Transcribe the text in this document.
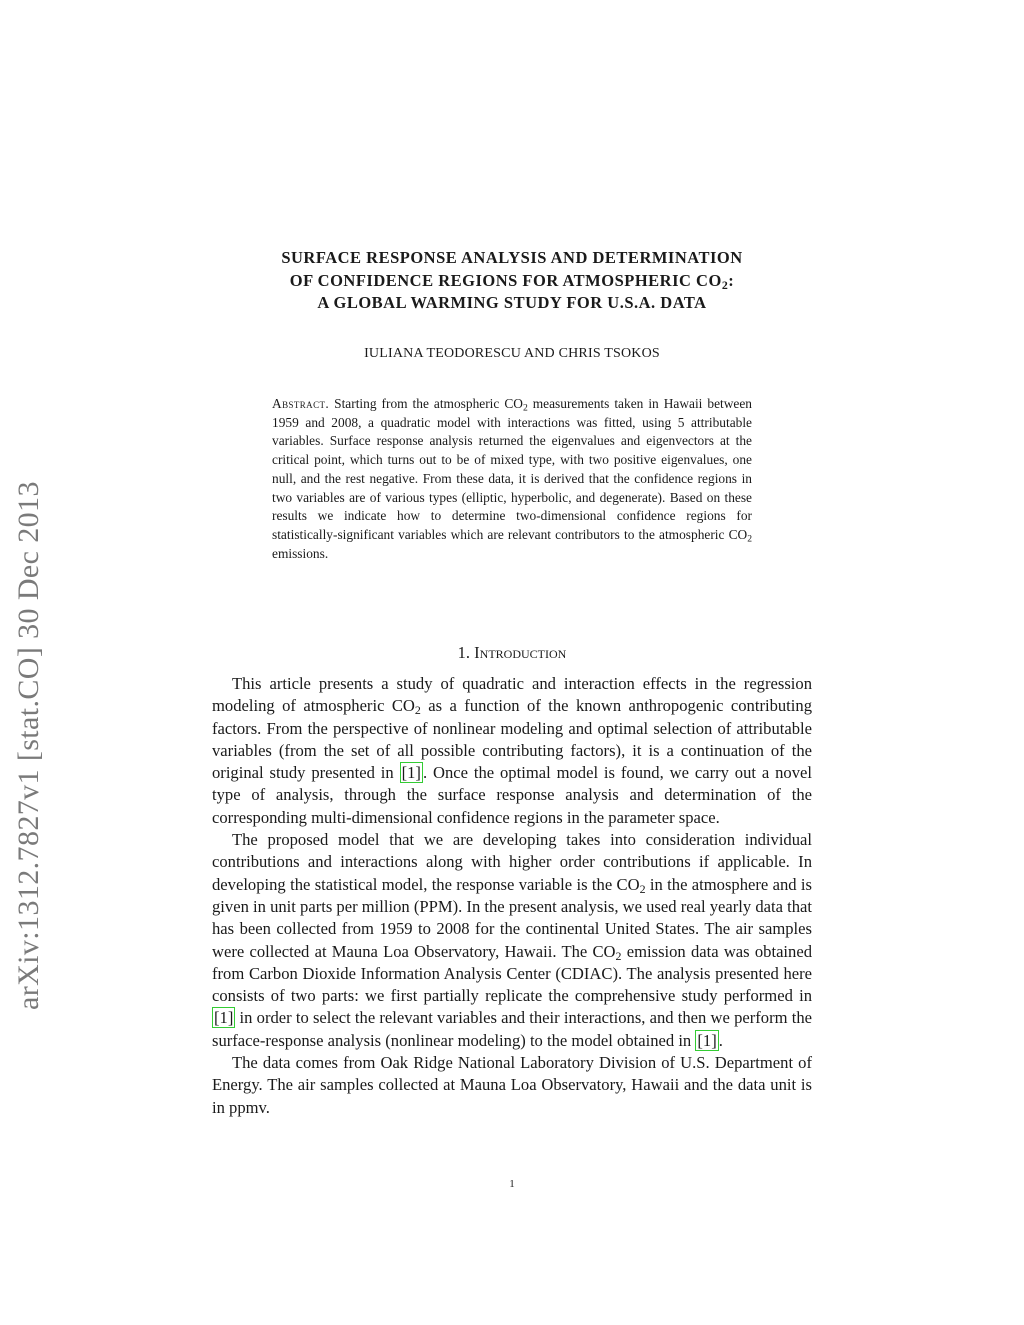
arXiv:1312.7827v1 [stat.CO] 30 Dec 2013
SURFACE RESPONSE ANALYSIS AND DETERMINATION
OF CONFIDENCE REGIONS FOR ATMOSPHERIC $CO_2$:
A GLOBAL WARMING STUDY FOR U.S.A. DATA
IULIANA TEODORESCU AND CHRIS TSOKOS
Abstract. Starting from the atmospheric $CO_2$ measurements taken in Hawaii between 1959 and 2008, a quadratic model with interactions was fitted, using 5 attributable variables. Surface response analysis returned the eigenvalues and eigenvectors at the critical point, which turns out to be of mixed type, with two positive eigenvalues, one null, and the rest negative. From these data, it is derived that the confidence regions in two variables are of various types (elliptic, hyperbolic, and degenerate). Based on these results we indicate how to determine two-dimensional confidence regions for statistically-significant variables which are relevant contributors to the atmospheric $CO_2$ emissions.
1. Introduction

This article presents a study of quadratic and interaction effects in the regression modeling of atmospheric $CO_2$ as a function of the known anthropogenic contributing factors. From the perspective of nonlinear modeling and optimal selection of attributable variables (from the set of all possible contributing factors), it is a continuation of the original study presented in [1] . Once the optimal model is found, we carry out a novel type of analysis, through the surface response analysis and determination of the corresponding multi-dimensional confidence regions in the parameter space.

The proposed model that we are developing takes into consideration individual contributions and interactions along with higher order contributions if applicable. In developing the statistical model, the response variable is the $CO_2$ in the atmosphere and is given in unit parts per million (PPM). In the present analysis, we used real yearly data that has been collected from 1959 to 2008 for the continental United States. The air samples were collected at Mauna Loa Observatory, Hawaii. The $CO_2$ emission data was obtained from Carbon Dioxide Information Analysis Center (CDIAC). The analysis presented here consists of two parts: we first partially replicate the comprehensive study performed in [1] in order to select the relevant variables and their interactions, and then we perform the surface-response analysis (nonlinear modeling) to the model obtained in [1] .

The data comes from Oak Ridge National Laboratory Division of U.S. Department of Energy. The air samples collected at Mauna Loa Observatory, Hawaii and the data unit is in ppmv.

1
